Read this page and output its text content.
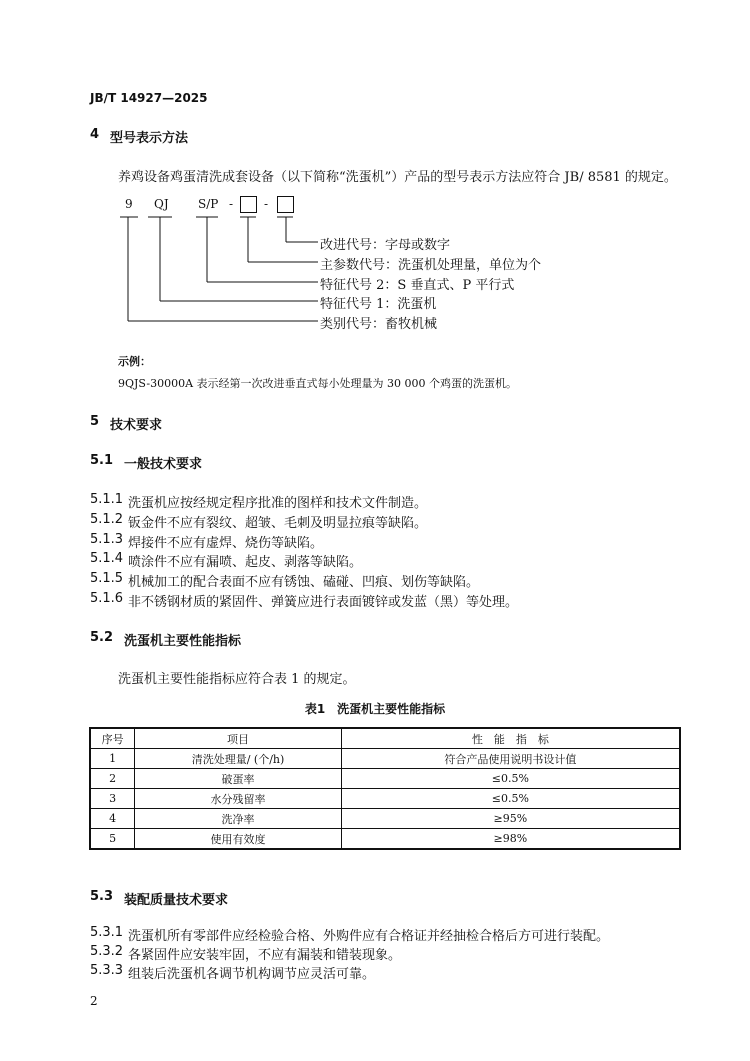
JB/T 14927—2025
4 型号表示方法
养鸡设备鸡蛋清洗成套设备（以下简称“洗蛋机”）产品的型号表示方法应符合 JB/ 8581 的规定。
9 QJ S/P -	-
改进代号：字母或数字
主参数代号：洗蛋机处理量，单位为个
特征代号 2：S 垂直式、P 平行式
特征代号 1：洗蛋机
类别代号：畜牧机械
示例：
9QJS-30000A 表示经第一次改进垂直式每小处理量为 30 000 个鸡蛋的洗蛋机。
5 技术要求
5.1 一般技术要求
5.1.1 洗蛋机应按经规定程序批准的图样和技术文件制造。
5.1.2 钣金件不应有裂纹、超皱、毛刺及明显拉痕等缺陷。
5.1.3 焊接件不应有虚焊、烧伤等缺陷。
5.1.4 喷涂件不应有漏喷、起皮、剥落等缺陷。
5.1.5 机械加工的配合表面不应有锈蚀、磕碰、凹痕、划伤等缺陷。
5.1.6 非不锈钢材质的紧固件、弹簧应进行表面镀锌或发蓝（黑）等处理。
5.2 洗蛋机主要性能指标
洗蛋机主要性能指标应符合表 1 的规定。
表1　洗蛋机主要性能指标
序号	项目	性　能　指　标
1	清洗处理量/ (个/h)	符合产品使用说明书设计值
2	破蛋率	≤0.5%
3	水分残留率	≤0.5%
4	洗净率	≥95%
5	使用有效度	≥98%
5.3 装配质量技术要求
5.3.1 洗蛋机所有零部件应经检验合格、外购件应有合格证并经抽检合格后方可进行装配。
5.3.2 各紧固件应安装牢固，不应有漏装和错装现象。
5.3.3 组装后洗蛋机各调节机构调节应灵活可靠。
2
